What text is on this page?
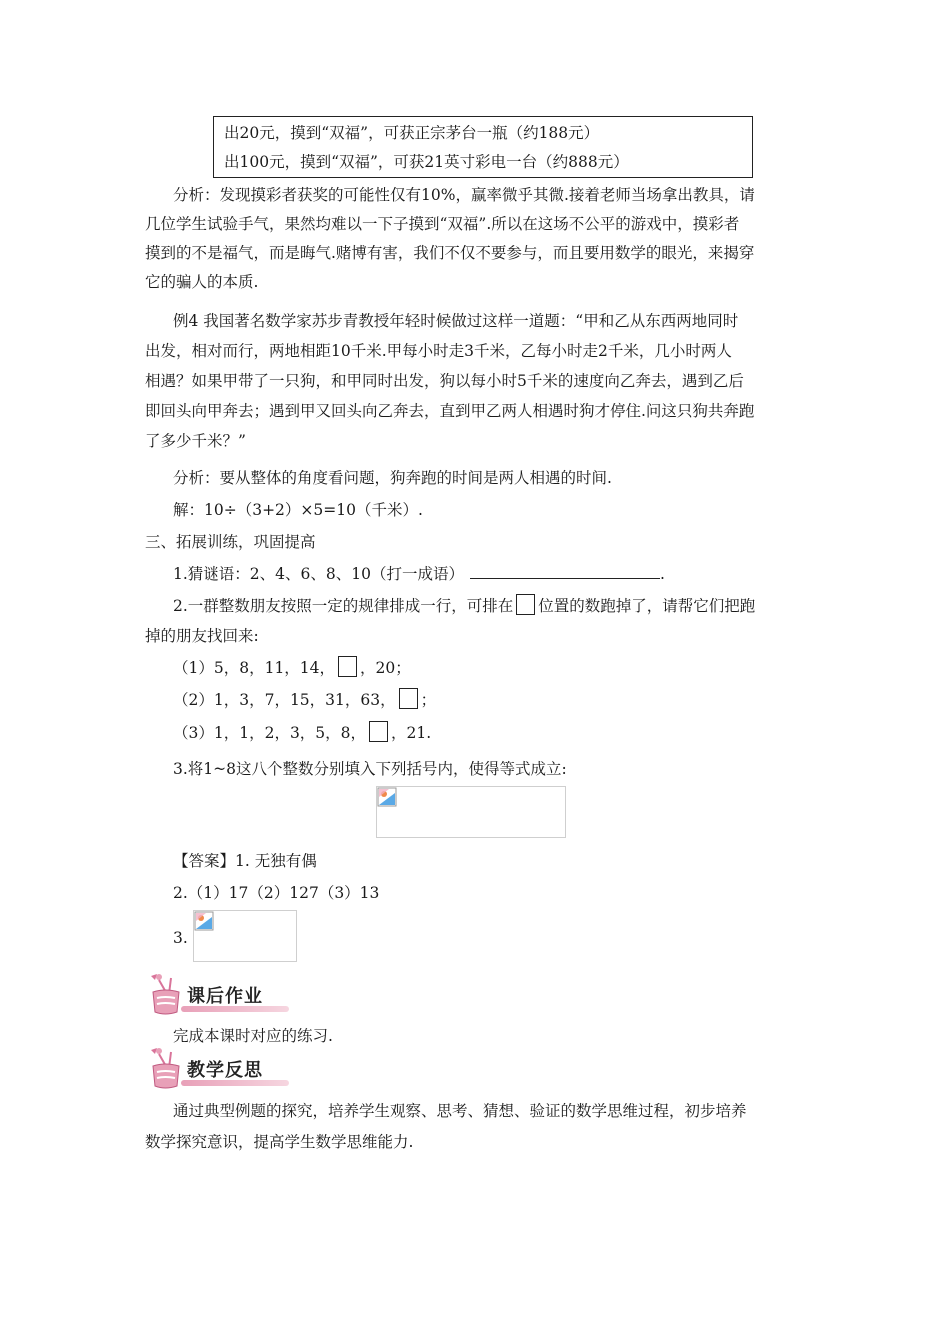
出20元，摸到“双福”，可获正宗茅台一瓶（约188元）
出100元，摸到“双福”，可获21英寸彩电一台（约888元）
分析：发现摸彩者获奖的可能性仅有10%，赢率微乎其微.接着老师当场拿出教具，请
几位学生试验手气，果然均难以一下子摸到“双福”.所以在这场不公平的游戏中，摸彩者
摸到的不是福气，而是晦气.赌博有害，我们不仅不要参与，而且要用数学的眼光，来揭穿
它的骗人的本质.
例4 我国著名数学家苏步青教授年轻时候做过这样一道题：“甲和乙从东西两地同时
出发，相对而行，两地相距10千米.甲每小时走3千米，乙每小时走2千米，几小时两人
相遇？如果甲带了一只狗，和甲同时出发，狗以每小时5千米的速度向乙奔去，遇到乙后
即回头向甲奔去；遇到甲又回头向乙奔去，直到甲乙两人相遇时狗才停住.问这只狗共奔跑
了多少千米？”
分析：要从整体的角度看问题，狗奔跑的时间是两人相遇的时间.
解：10÷（3+2）×5=10（千米）.
三、拓展训练，巩固提高
1.猜谜语：2、4、6、8、10（打一成语）	.
2.一群整数朋友按照一定的规律排成一行，可排在 位置的数跑掉了，请帮它们把跑
掉的朋友找回来:
（1）5，8，11，14， ，20；
（2）1，3，7，15，31，63， ；
（3）1，1，2，3，5，8， ，21.
3.将1~8这八个整数分别填入下列括号内，使得等式成立:
【答案】1. 无独有偶
2.（1）17（2）127（3）13
3.
课后作业
完成本课时对应的练习.
教学反思
通过典型例题的探究，培养学生观察、思考、猜想、验证的数学思维过程，初步培养
数学探究意识，提高学生数学思维能力.
